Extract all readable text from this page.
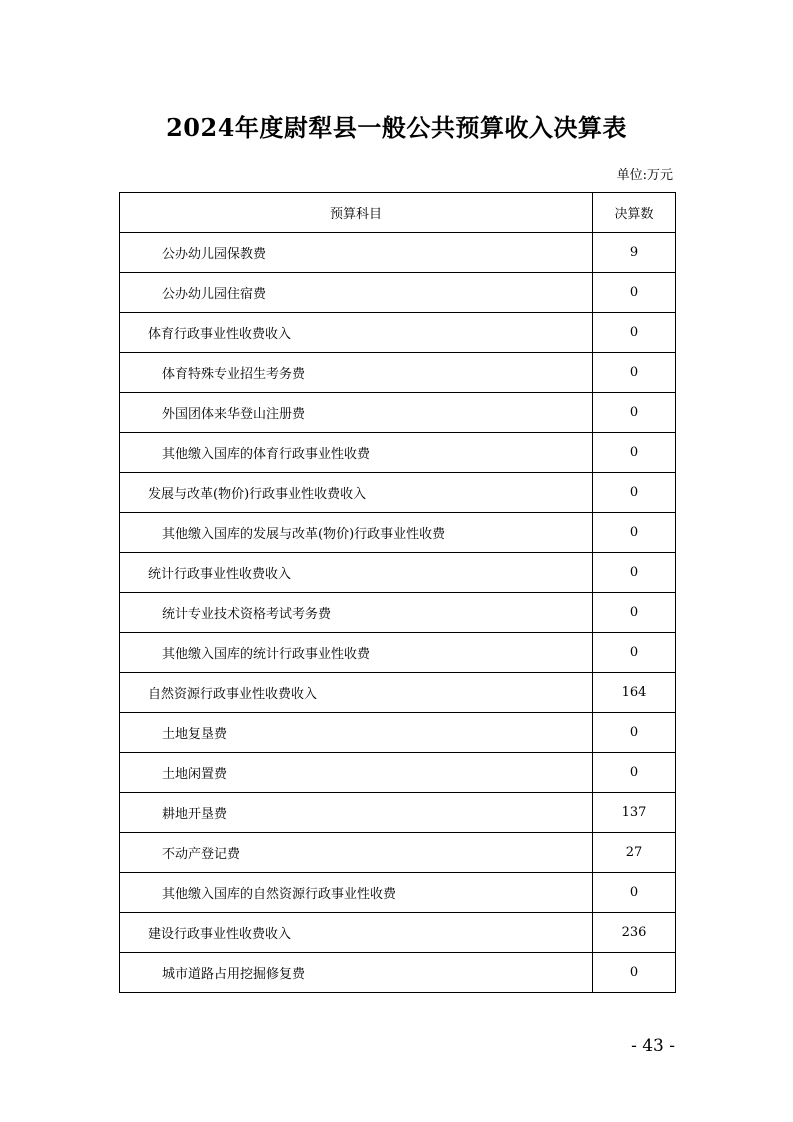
2024年度尉犁县一般公共预算收入决算表
单位:万元
预算科目	决算数
公办幼儿园保教费	9
公办幼儿园住宿费	0
体育行政事业性收费收入	0
体育特殊专业招生考务费	0
外国团体来华登山注册费	0
其他缴入国库的体育行政事业性收费	0
发展与改革(物价)行政事业性收费收入	0
其他缴入国库的发展与改革(物价)行政事业性收费	0
统计行政事业性收费收入	0
统计专业技术资格考试考务费	0
其他缴入国库的统计行政事业性收费	0
自然资源行政事业性收费收入	164
土地复垦费	0
土地闲置费	0
耕地开垦费	137
不动产登记费	27
其他缴入国库的自然资源行政事业性收费	0
建设行政事业性收费收入	236
城市道路占用挖掘修复费	0
- 43 -
